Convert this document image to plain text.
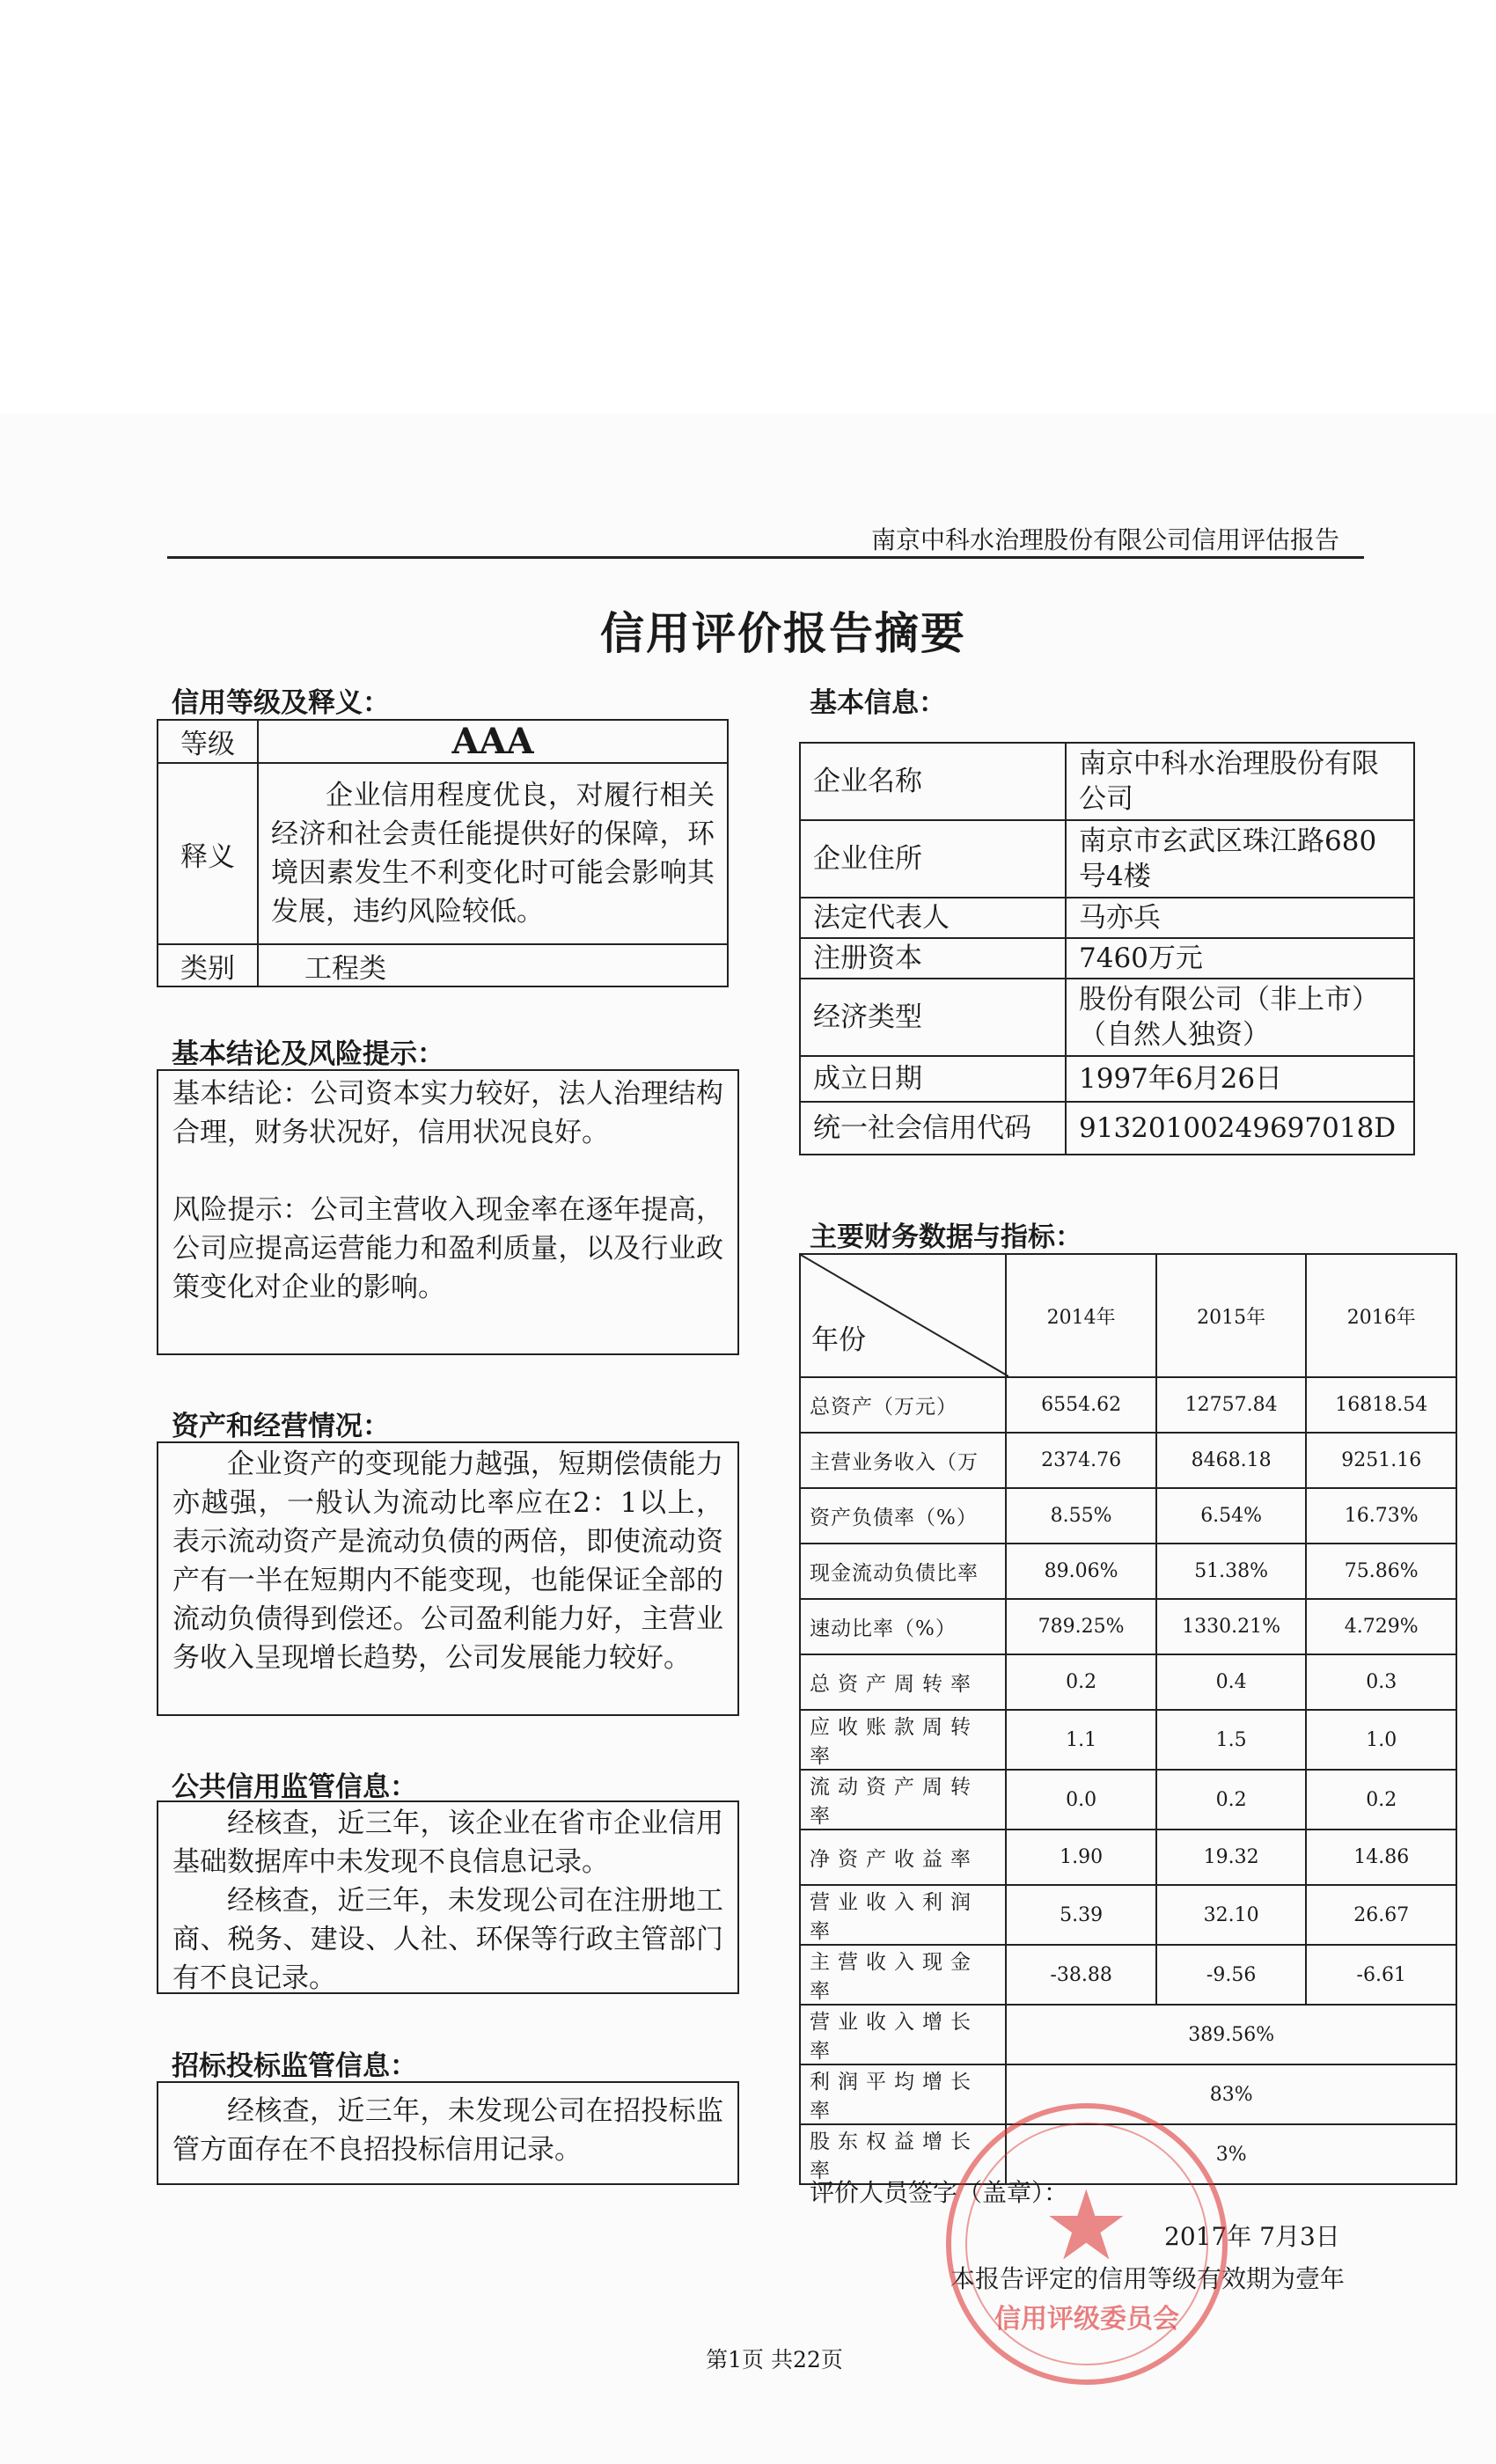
南京中科水治理股份有限公司信用评估报告
信用评价报告摘要
信用等级及释义：
等级	AAA
释义	企业信用程度优良，对履行相关经济和社会责任能提供好的保障，环境因素发生不利变化时可能会影响其发展，违约风险较低。

类别	工程类
基本结论及风险提示：
基本结论：公司资本实力较好，法人治理结构合理，财务状况好，信用状况良好。
风险提示：公司主营收入现金率在逐年提高，公司应提高运营能力和盈利质量，以及行业政策变化对企业的影响。
资产和经营情况：
企业资产的变现能力越强，短期偿债能力亦越强，一般认为流动比率应在2：1以上，表示流动资产是流动负债的两倍，即使流动资产有一半在短期内不能变现，也能保证全部的流动负债得到偿还。公司盈利能力好，主营业务收入呈现增长趋势，公司发展能力较好。
公共信用监管信息：
经核查，近三年，该企业在省市企业信用基础数据库中未发现不良信息记录。
经核查，近三年，未发现公司在注册地工商、税务、建设、人社、环保等行政主管部门有不良记录。
招标投标监管信息：
经核查，近三年，未发现公司在招投标监管方面存在不良招投标信用记录。
基本信息：
企业名称	南京中科水治理股份有限公司
企业住所	南京市玄武区珠江路680号4楼
法定代表人	马亦兵
注册资本	7460万元
经济类型	股份有限公司（非上市）（自然人独资）
成立日期	1997年6月26日
统一社会信用代码	91320100249697018D
主要财务数据与指标：
年份	2014年	2015年	2016年
总资产（万元）	6554.62	12757.84	16818.54
主营业务收入（万	2374.76	8468.18	9251.16
资产负债率（%）	8.55%	6.54%	16.73%
现金流动负债比率	89.06%	51.38%	75.86%
速动比率（%）	789.25%	1330.21%	4.729%
总资产周转率	0.2	0.4	0.3
应收账款周转率	1.1	1.5	1.0
流动资产周转率	0.0	0.2	0.2
净资产收益率	1.90	19.32	14.86
营业收入利润率	5.39	32.10	26.67
主营收入现金率	-38.88	-9.56	-6.61
营业收入增长率	389.56%		
利润平均增长率	83%		
股东权益增长率	3%		
评价人员签字（盖章）：
2017年 7月3日
本报告评定的信用等级有效期为壹年
★
信用评级委员会
第1页 共22页
